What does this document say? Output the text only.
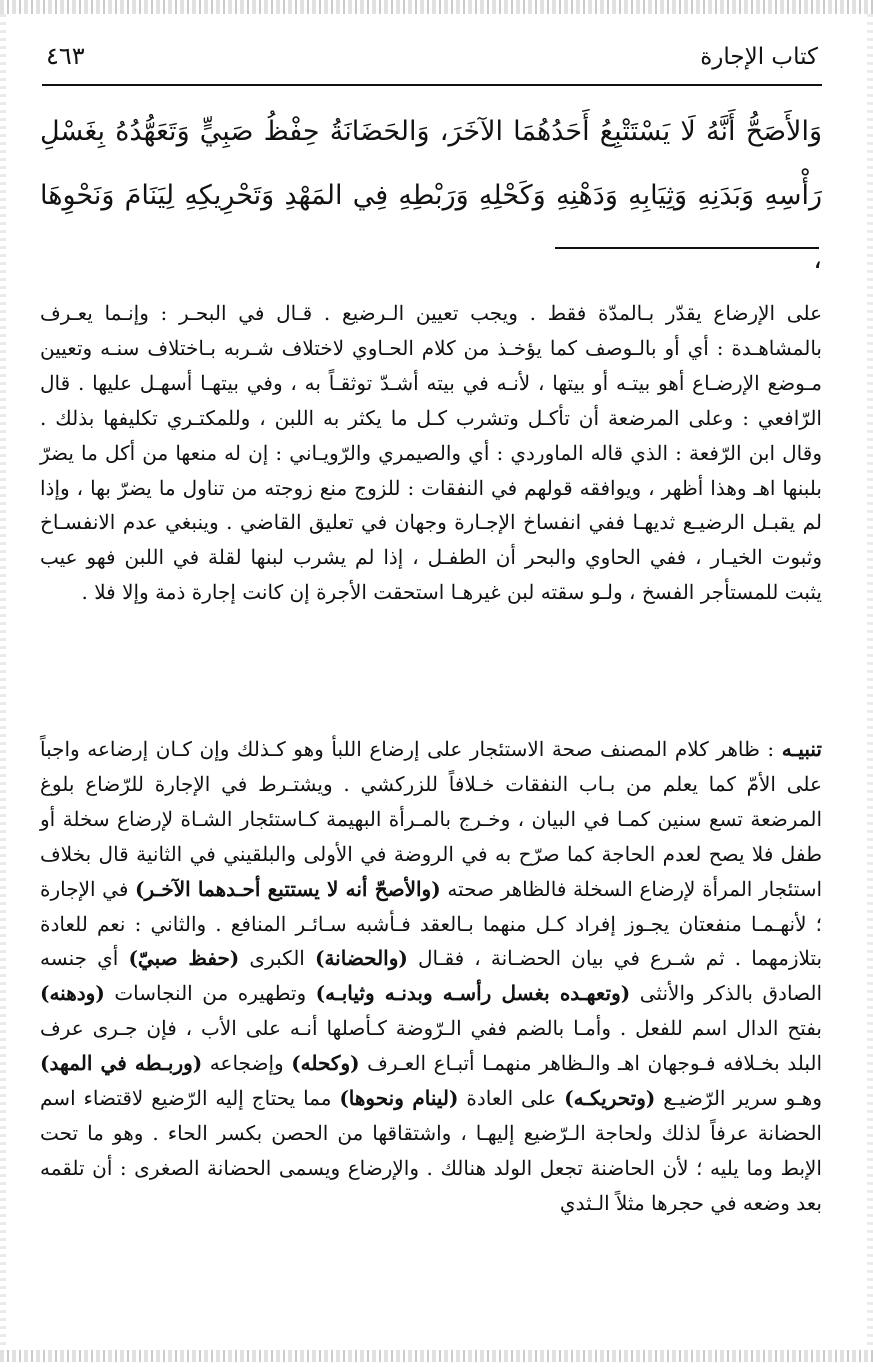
كتاب الإجارة
٤٦٣

وَالأَصَحُّ أَنَّهُ لَا يَسْتَتْبِعُ أَحَدُهُمَا الآخَرَ، وَالحَضَانَةُ حِفْظُ صَبِيٍّ وَتَعَهُّدُهُ بِغَسْلِ رَأْسِهِ وَبَدَنِهِ وَثِيَابِهِ وَدَهْنِهِ وَكَحْلِهِ وَرَبْطِهِ فِي المَهْدِ وَتَحْرِيكِهِ لِيَنَامَ وَنَحْوِهَا ،

على الإرضاع يقدّر بـالمدّة فقط . ويجب تعيين الـرضيع . قـال في البحـر : وإنـما يعـرف بالمشاهـدة : أي أو بالـوصف كما يؤخـذ من كلام الحـاوي لاختلاف شـربه بـاختلاف سنـه وتعيين مـوضع الإرضـاع أهو بيتـه أو بيتها ، لأنـه في بيته أشـدّ توثقـاً به ، وفي بيتهـا أسهـل عليها . قال الرّافعي : وعلى المرضعة أن تأكـل وتشرب كـل ما يكثر به اللبن ، وللمكتـري تكليفها بذلك . وقال ابن الرّفعة : الذي قاله الماوردي : أي والصيمري والرّويـاني : إن له منعها من أكل ما يضرّ بلبنها اهـ وهذا أظهر ، ويوافقه قولهم في النفقات : للزوج منع زوجته من تناول ما يضرّ بها ، وإذا لم يقبـل الرضيـع ثديهـا ففي انفساخ الإجـارة وجهان في تعليق القاضي . وينبغي عدم الانفسـاخ وثبوت الخيـار ، ففي الحاوي والبحر أن الطفـل ، إذا لم يشرب لبنها لقلة في اللبن فهو عيب يثبت للمستأجر الفسخ ، ولـو سقته لبن غيرهـا استحقت الأجرة إن كانت إجارة ذمة وإلا فلا .

تنبيـه : ظاهر كلام المصنف صحة الاستئجار على إرضاع اللبأ وهو كـذلك وإن كـان إرضاعه واجباً على الأمّ كما يعلم من بـاب النفقات خـلافاً للزركشي . ويشتـرط في الإجارة للرّضاع بلوغ المرضعة تسع سنين كمـا في البيان ، وخـرج بالمـرأة البهيمة كـاستئجار الشـاة لإرضاع سخلة أو طفل فلا يصح لعدم الحاجة كما صرّح به في الروضة في الأولى والبلقيني في الثانية قال بخلاف استئجار المرأة لإرضاع السخلة فالظاهر صحته (والأصحّ أنه لا يستتبع أحـدهما الآخـر) في الإجارة ؛ لأنهـمـا منفعتان يجـوز إفراد كـل منهما بـالعقد فـأشبه سـائـر المنافع . والثاني : نعم للعادة بتلازمهما . ثم شـرع في بيان الحضـانة ، فقـال (والحضانة) الكبرى (حفظ صبيّ) أي جنسه الصادق بالذكر والأنثى (وتعهـده بغسل رأسـه وبدنـه وثيابـه) وتطهيره من النجاسات (ودهنه) بفتح الدال اسم للفعل . وأمـا بالضم ففي الـرّوضة كـأصلها أنـه على الأب ، فإن جـرى عرف البلد بخـلافه فـوجهان اهـ والـظاهر منهمـا أتبـاع العـرف (وكحله) وإضجاعه (وربـطه في المهد) وهـو سرير الرّضيـع (وتحريكـه) على العادة (لينام ونحوها) مما يحتاج إليه الرّضيع لاقتضاء اسم الحضانة عرفاً لذلك ولحاجة الـرّضيع إليهـا ، واشتقاقها من الحصن بكسر الحاء . وهو ما تحت الإبط وما يليه ؛ لأن الحاضنة تجعل الولد هنالك . والإرضاع ويسمى الحضانة الصغرى : أن تلقمه بعد وضعه في حجرها مثلاً الـثدي
